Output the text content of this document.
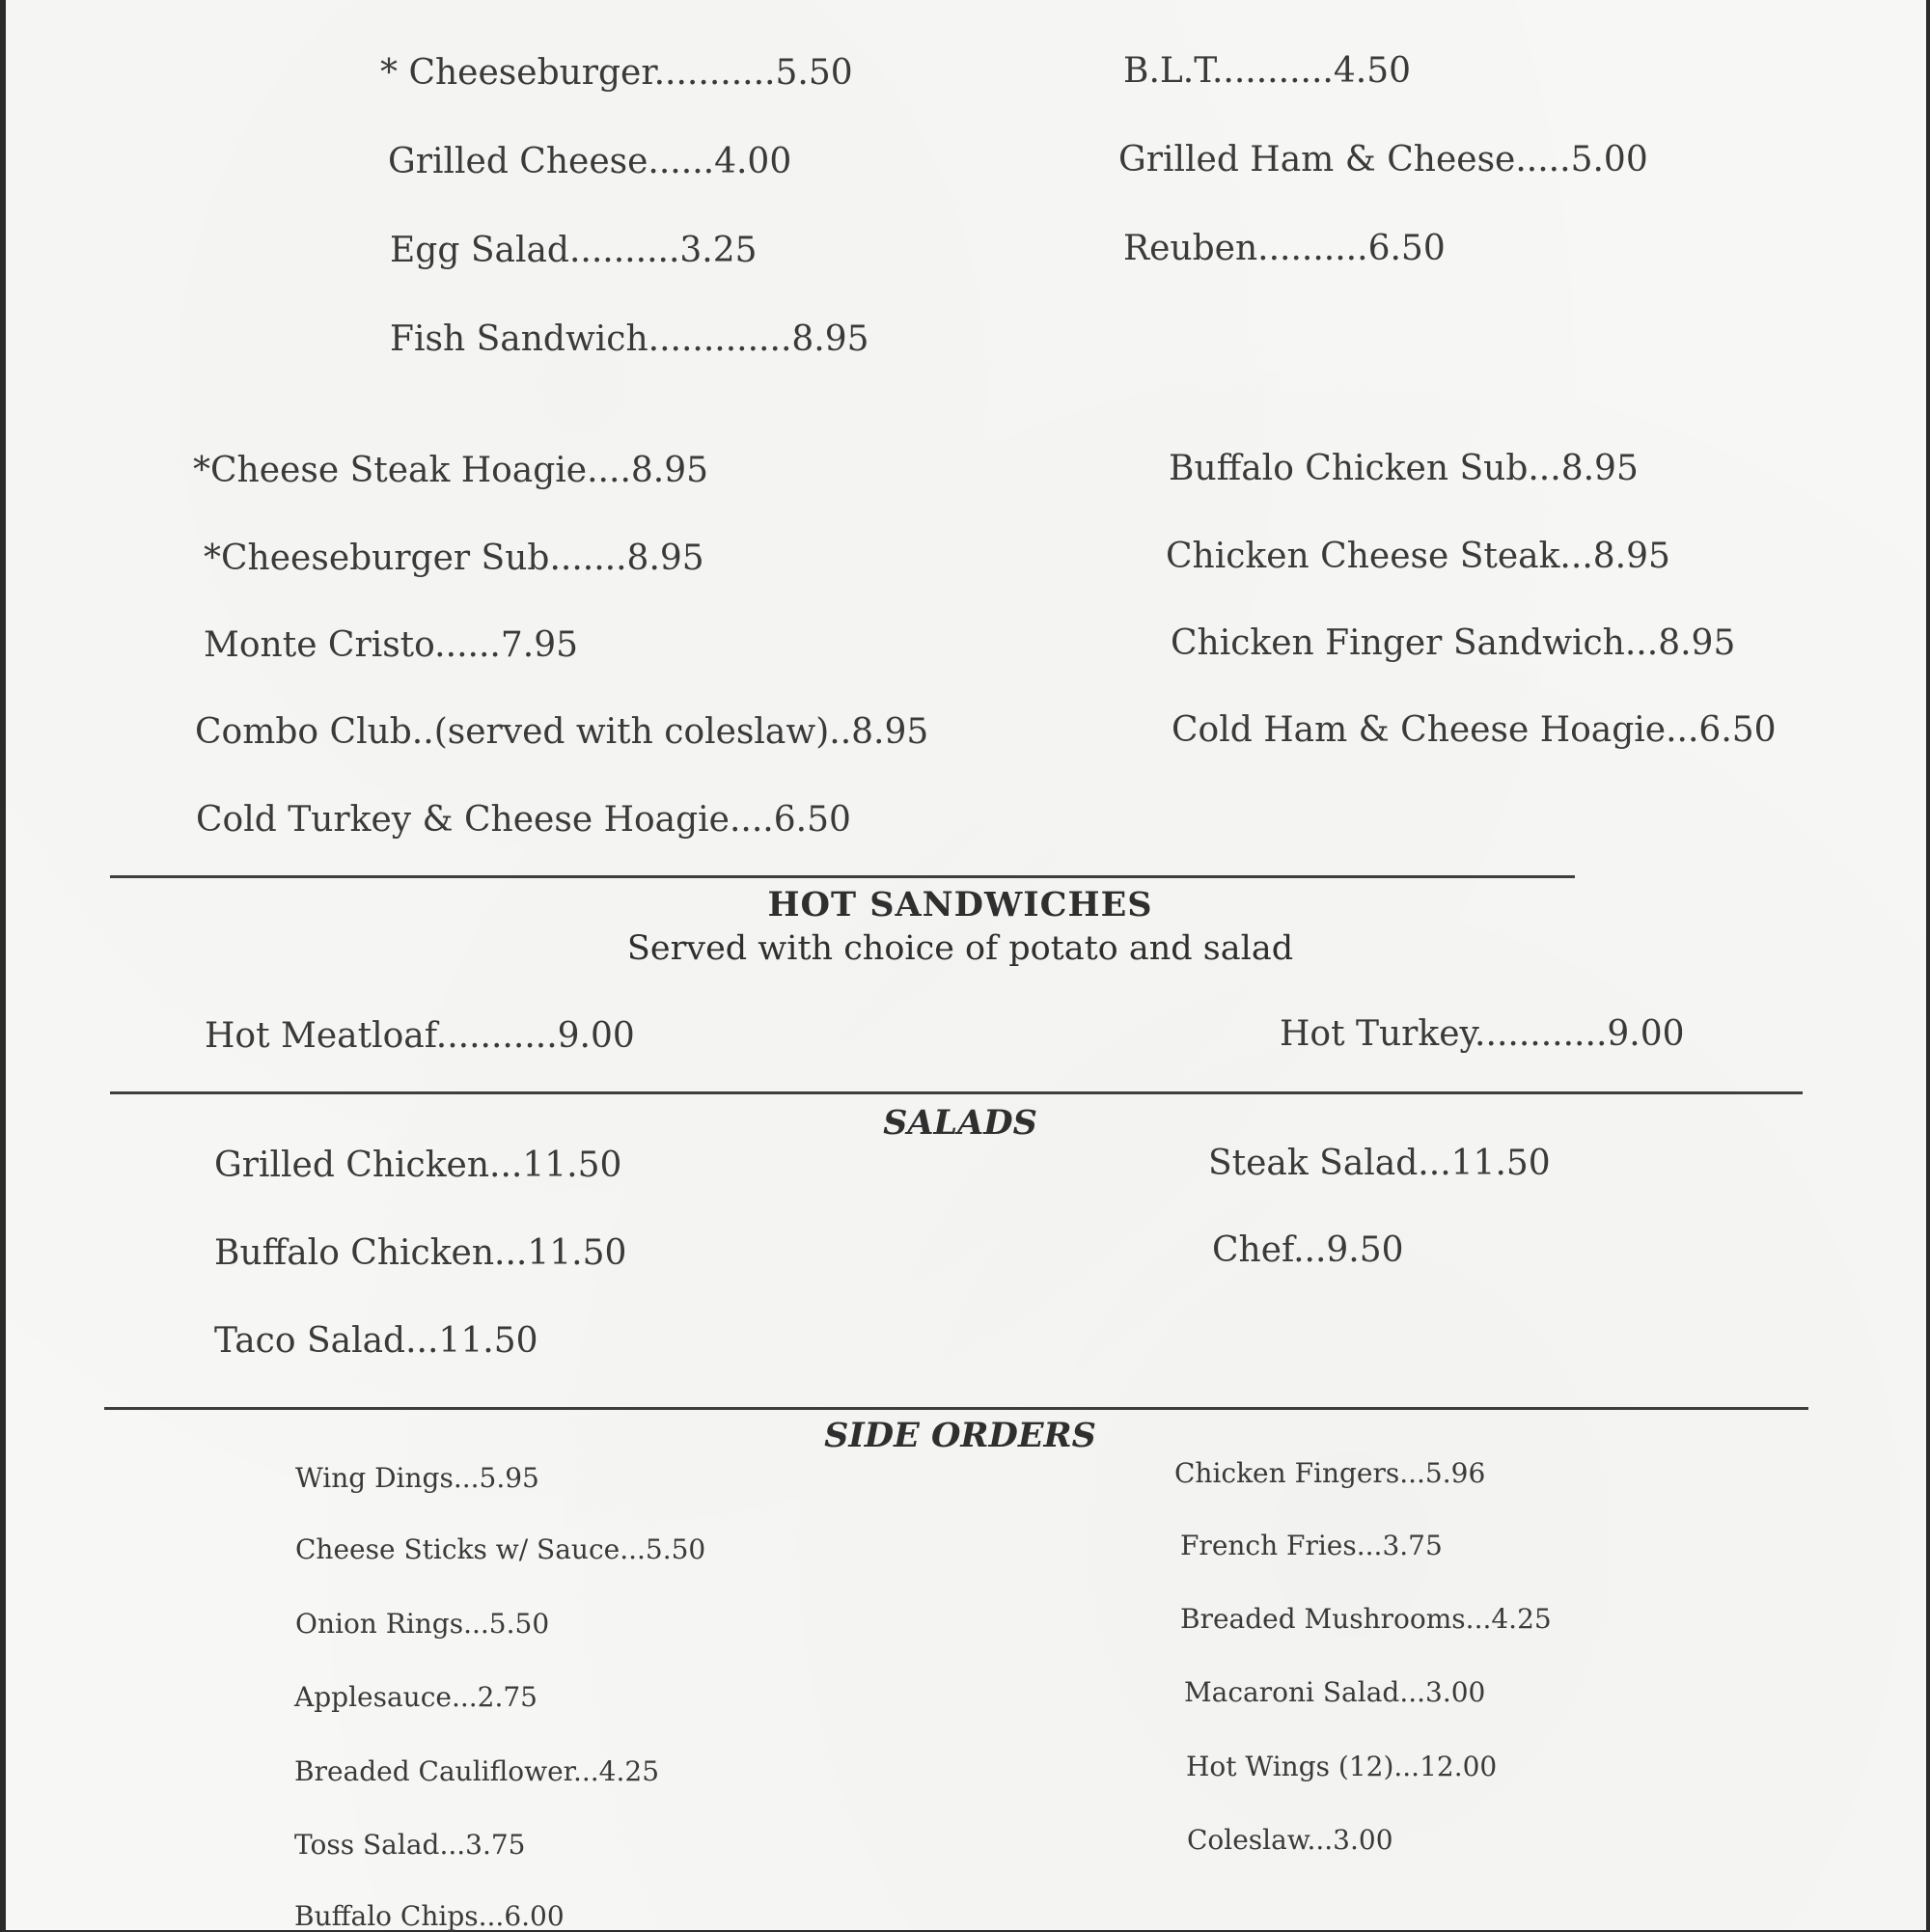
* Cheeseburger...........5.50
Grilled Cheese......4.00
Egg Salad..........3.25
Fish Sandwich.............8.95
B.L.T...........4.50
Grilled Ham & Cheese.....5.00
Reuben..........6.50
*Cheese Steak Hoagie....8.95
*Cheeseburger Sub.......8.95
Monte Cristo......7.95
Combo Club..(served with coleslaw)..8.95
Cold Turkey & Cheese Hoagie....6.50
Buffalo Chicken Sub...8.95
Chicken Cheese Steak...8.95
Chicken Finger Sandwich...8.95
Cold Ham & Cheese Hoagie...6.50
HOT SANDWICHES
Served with choice of potato and salad
Hot Meatloaf...........9.00	Hot Turkey............9.00
SALADS
Grilled Chicken...11.50
Buffalo Chicken...11.50
Taco Salad...11.50
Steak Salad...11.50
Chef...9.50
SIDE ORDERS
Wing Dings...5.95
Cheese Sticks w/ Sauce...5.50
Onion Rings...5.50
Applesauce...2.75
Breaded Cauliflower...4.25
Toss Salad...3.75
Buffalo Chips...6.00
Chicken Fingers...5.96
French Fries...3.75
Breaded Mushrooms...4.25
Macaroni Salad...3.00
Hot Wings (12)...12.00
Coleslaw...3.00
